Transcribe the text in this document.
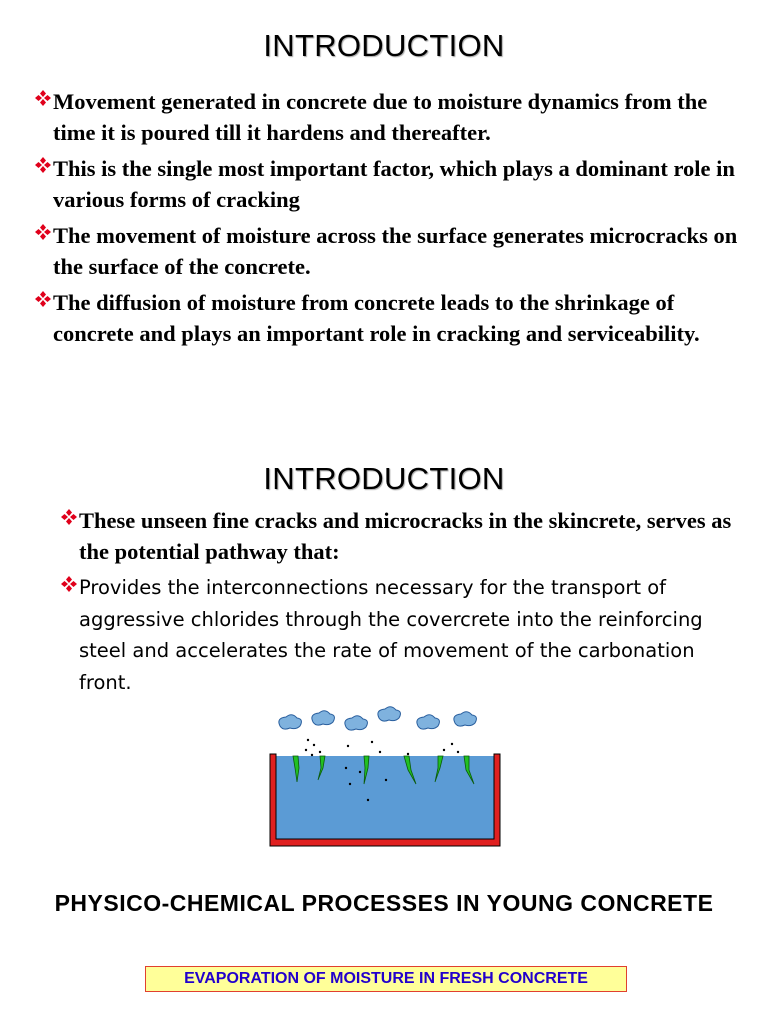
INTRODUCTION
Movement generated in concrete due to moisture dynamics from the time it is poured till it hardens and thereafter.
This is the single most important factor, which plays a dominant role in various forms of cracking
The movement of moisture across the surface generates microcracks on the surface of the concrete.
The diffusion of moisture from concrete leads to the shrinkage of concrete and plays an important role in cracking and serviceability.
INTRODUCTION
These unseen fine cracks and microcracks in the skincrete, serves as the potential pathway that:
Provides the interconnections necessary for the transport of aggressive chlorides through the covercrete into the reinforcing steel and accelerates the rate of movement of the carbonation front.
PHYSICO-CHEMICAL PROCESSES IN YOUNG CONCRETE
EVAPORATION OF MOISTURE IN FRESH CONCRETE
